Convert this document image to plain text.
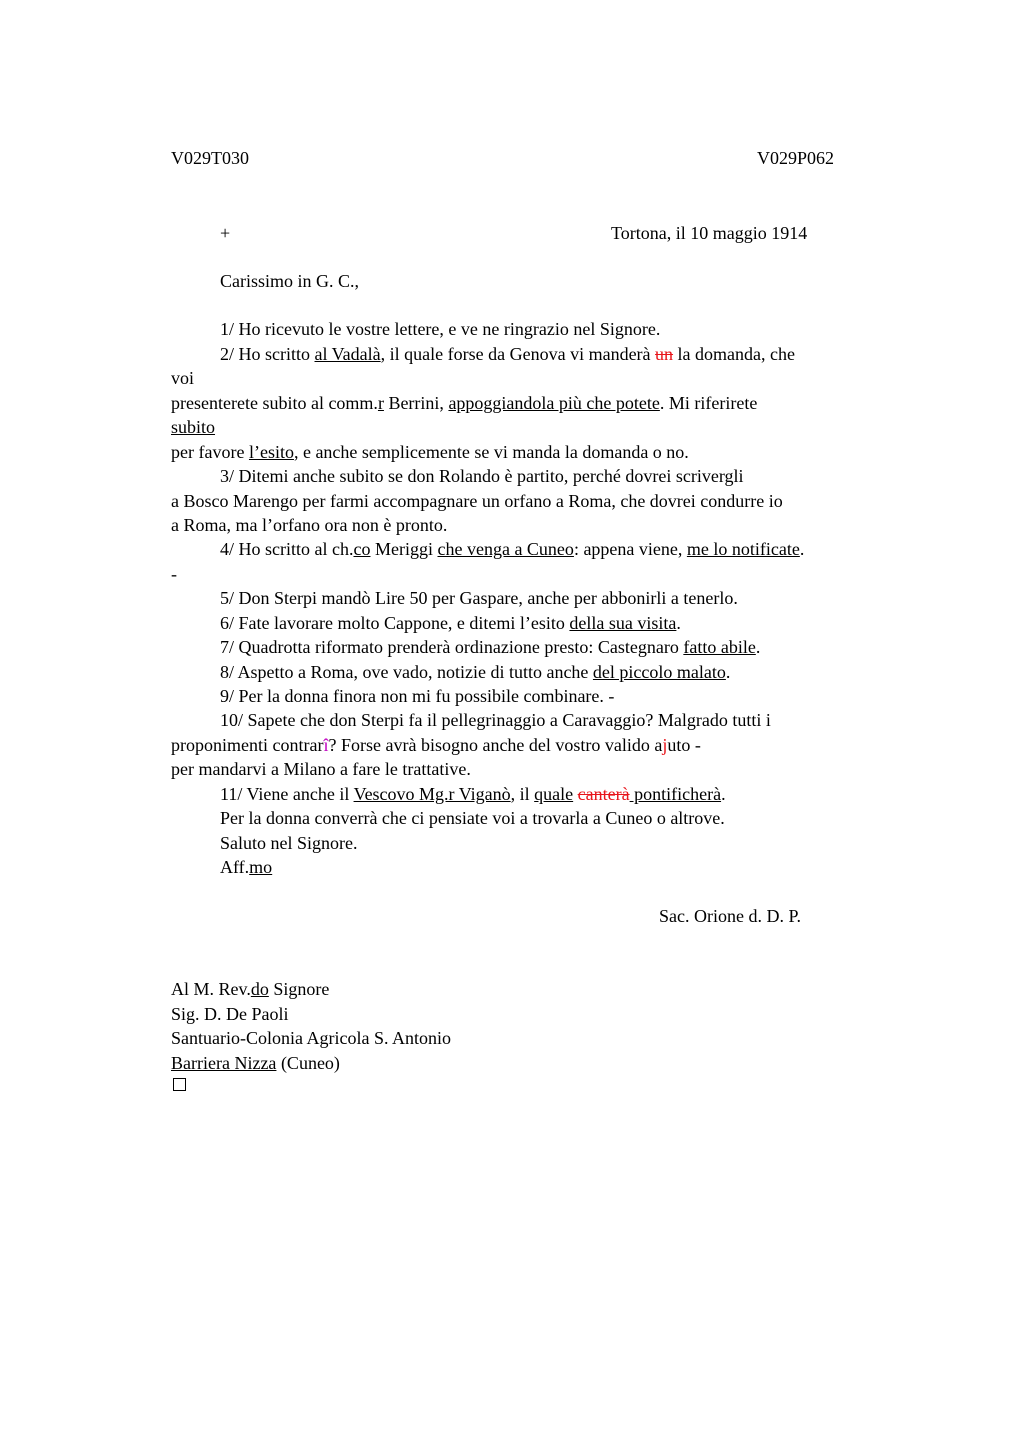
V029T030	V029P062
+	Tortona, il 10 maggio 1914
Carissimo in G. C.,
1/ Ho ricevuto le vostre lettere, e ve ne ringrazio nel Signore.
2/ Ho scritto al Vadalà, il quale forse da Genova vi manderà un la domanda, che
voi
presenterete subito al comm.r Berrini, appoggiandola più che potete. Mi riferirete
subito
per favore l’esito, e anche semplicemente se vi manda la domanda o no.
3/ Ditemi anche subito se don Rolando è partito, perché dovrei scrivergli
a Bosco Marengo per farmi accompagnare un orfano a Roma, che dovrei condurre io
a Roma, ma l’orfano ora non è pronto.
4/ Ho scritto al ch.co Meriggi che venga a Cuneo: appena viene, me lo notificate.
-
5/ Don Sterpi mandò Lire 50 per Gaspare, anche per abbonirli a tenerlo.
6/ Fate lavorare molto Cappone, e ditemi l’esito della sua visita.
7/ Quadrotta riformato prenderà ordinazione presto: Castegnaro fatto abile.
8/ Aspetto a Roma, ove vado, notizie di tutto anche del piccolo malato.
9/ Per la donna finora non mi fu possibile combinare. -
10/ Sapete che don Sterpi fa il pellegrinaggio a Caravaggio? Malgrado tutti i
proponimenti contrarî? Forse avrà bisogno anche del vostro valido ajuto -
per mandarvi a Milano a fare le trattative.
11/ Viene anche il Vescovo Mg.r Viganò, il quale canterà pontificherà.
Per la donna converrà che ci pensiate voi a trovarla a Cuneo o altrove.
Saluto nel Signore.
Aff.mo
Sac. Orione d. D. P.
Al M. Rev.do Signore
Sig. D. De Paoli
Santuario-Colonia Agricola S. Antonio
Barriera Nizza (Cuneo)
